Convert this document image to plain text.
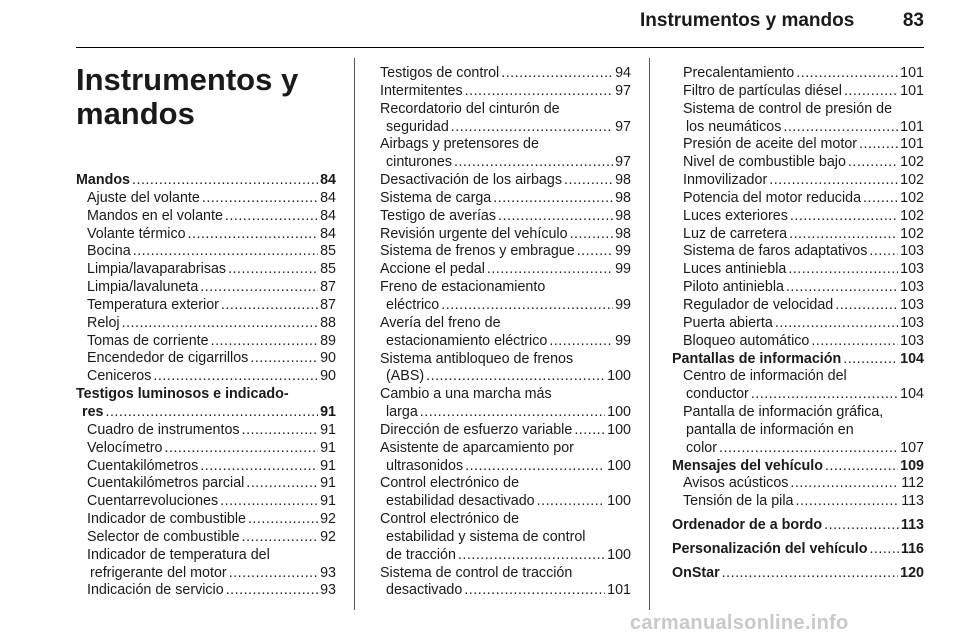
Instrumentos y mandos	83
Instrumentos y
mandos
Mandos .....	84
Ajuste del volante .....	84
Mandos en el volante .....	84
Volante térmico .....	84
Bocina .....	85
Limpia/lavaparabrisas .....	85
Limpia/lavaluneta .....	87
Temperatura exterior .....	87
Reloj .....	88
Tomas de corriente .....	89
Encendedor de cigarrillos .....	90
Ceniceros .....	90
Testigos luminosos e indicado-
res .....	91
Cuadro de instrumentos .....	91
Velocímetro .....	91
Cuentakilómetros .....	91
Cuentakilómetros parcial .....	91
Cuentarrevoluciones .....	91
Indicador de combustible .....	92
Selector de combustible .....	92
Indicador de temperatura del
refrigerante del motor .....	93
Indicación de servicio .....	93
Testigos de control .....	94
Intermitentes .....	97
Recordatorio del cinturón de
seguridad .....	97
Airbags y pretensores de
cinturones .....	97
Desactivación de los airbags .....	98
Sistema de carga .....	98
Testigo de averías .....	98
Revisión urgente del vehículo .....	98
Sistema de frenos y embrague .....	99
Accione el pedal .....	99
Freno de estacionamiento
eléctrico .....	99
Avería del freno de
estacionamiento eléctrico .....	99
Sistema antibloqueo de frenos
(ABS) .....	100
Cambio a una marcha más
larga .....	100
Dirección de esfuerzo variable ..... 100
Asistente de aparcamiento por
ultrasonidos .....	100
Control electrónico de
estabilidad desactivado .....	100
Control electrónico de
estabilidad y sistema de control
de tracción .....	100
Sistema de control de tracción
desactivado .....	101
Precalentamiento .....	101
Filtro de partículas diésel .....	101
Sistema de control de presión de
los neumáticos .....	101
Presión de aceite del motor .....	101
Nivel de combustible bajo .....	102
Inmovilizador .....	102
Potencia del motor reducida .....	102
Luces exteriores .....	102
Luz de carretera .....	102
Sistema de faros adaptativos ..... 103
Luces antiniebla .....	103
Piloto antiniebla .....	103
Regulador de velocidad .....	103
Puerta abierta .....	103
Bloqueo automático .....	103
Pantallas de información .....	104
Centro de información del
conductor .....	104
Pantalla de información gráfica,
pantalla de información en
color .....	107
Mensajes del vehículo .....	109
Avisos acústicos .....	112
Tensión de la pila .....	113
Ordenador de a bordo .....	113
Personalización del vehículo ..... 116
OnStar .....	120
carmanualsonline.info
